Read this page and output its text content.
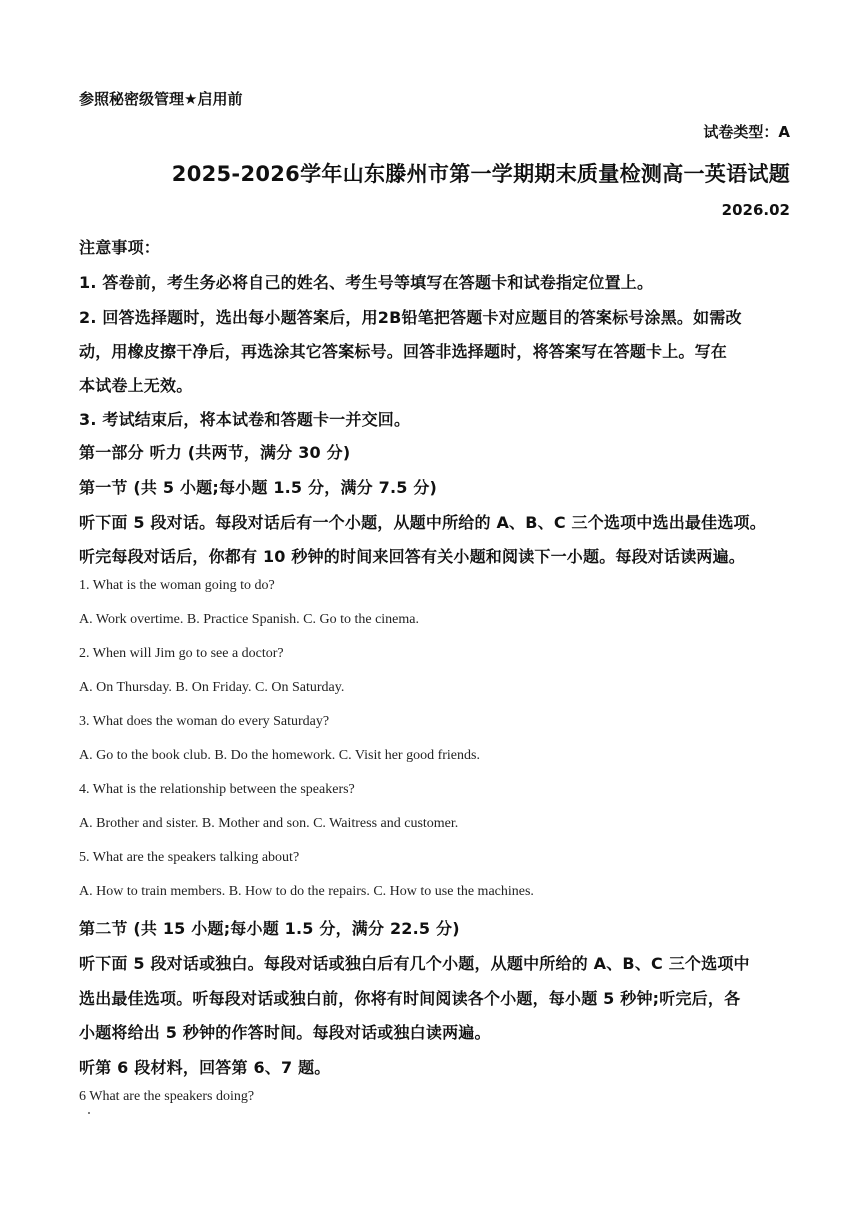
参照秘密级管理★启用前
试卷类型：A
2025-2026学年山东滕州市第一学期期末质量检测高一英语试题
2026.02
注意事项：
1. 答卷前，考生务必将自己的姓名、考生号等填写在答题卡和试卷指定位置上。
2. 回答选择题时，选出每小题答案后，用2B铅笔把答题卡对应题目的答案标号涂黑。如需改
动，用橡皮擦干净后，再选涂其它答案标号。回答非选择题时，将答案写在答题卡上。写在
本试卷上无效。
3. 考试结束后，将本试卷和答题卡一并交回。
第一部分 听力 (共两节，满分 30 分)
第一节 (共 5 小题;每小题 1.5 分，满分 7.5 分)
听下面 5 段对话。每段对话后有一个小题，从题中所给的 A、B、C 三个选项中选出最佳选项。
听完每段对话后，你都有 10 秒钟的时间来回答有关小题和阅读下一小题。每段对话读两遍。
1. What is the woman going to do?
A. Work overtime. B. Practice Spanish. C. Go to the cinema.
2. When will Jim go to see a doctor?
A. On Thursday. B. On Friday. C. On Saturday.
3. What does the woman do every Saturday?
A. Go to the book club. B. Do the homework. C. Visit her good friends.
4. What is the relationship between the speakers?
A. Brother and sister. B. Mother and son. C. Waitress and customer.
5. What are the speakers talking about?
A. How to train members. B. How to do the repairs. C. How to use the machines.
第二节 (共 15 小题;每小题 1.5 分，满分 22.5 分)
听下面 5 段对话或独白。每段对话或独白后有几个小题，从题中所给的 A、B、C 三个选项中
选出最佳选项。听每段对话或独白前，你将有时间阅读各个小题，每小题 5 秒钟;听完后，各
小题将给出 5 秒钟的作答时间。每段对话或独白读两遍。
听第 6 段材料，回答第 6、7 题。
6 What are the speakers doing?
